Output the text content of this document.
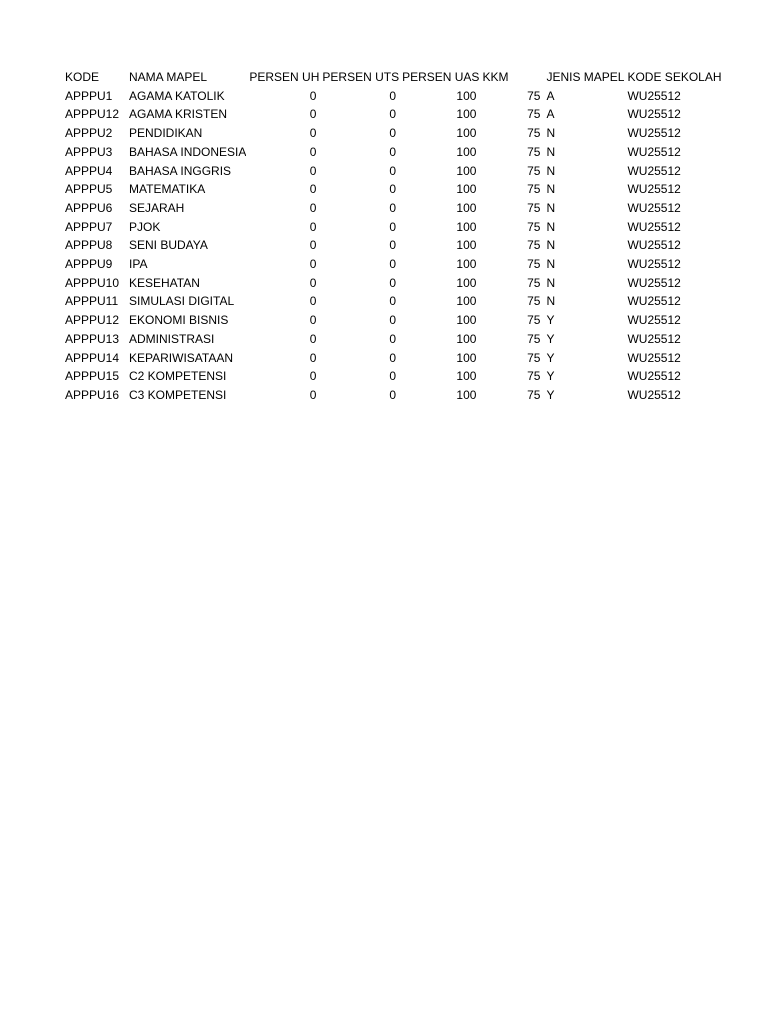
KODE	NAMA MAPEL	PERSEN UH	PERSEN UTS	PERSEN UAS	KKM	JENIS MAPEL	KODE SEKOLAH
APPPU1	AGAMA KATOLIK	0	0	100	75	A	WU25512
APPPU12	AGAMA KRISTEN	0	0	100	75	A	WU25512
APPPU2	PENDIDIKAN	0	0	100	75	N	WU25512
APPPU3	BAHASA INDONESIA	0	0	100	75	N	WU25512
APPPU4	BAHASA INGGRIS	0	0	100	75	N	WU25512
APPPU5	MATEMATIKA	0	0	100	75	N	WU25512
APPPU6	SEJARAH	0	0	100	75	N	WU25512
APPPU7	PJOK	0	0	100	75	N	WU25512
APPPU8	SENI BUDAYA	0	0	100	75	N	WU25512
APPPU9	IPA	0	0	100	75	N	WU25512
APPPU10	KESEHATAN	0	0	100	75	N	WU25512
APPPU11	SIMULASI DIGITAL	0	0	100	75	N	WU25512
APPPU12	EKONOMI BISNIS	0	0	100	75	Y	WU25512
APPPU13	ADMINISTRASI	0	0	100	75	Y	WU25512
APPPU14	KEPARIWISATAAN	0	0	100	75	Y	WU25512
APPPU15	C2 KOMPETENSI	0	0	100	75	Y	WU25512
APPPU16	C3 KOMPETENSI	0	0	100	75	Y	WU25512
